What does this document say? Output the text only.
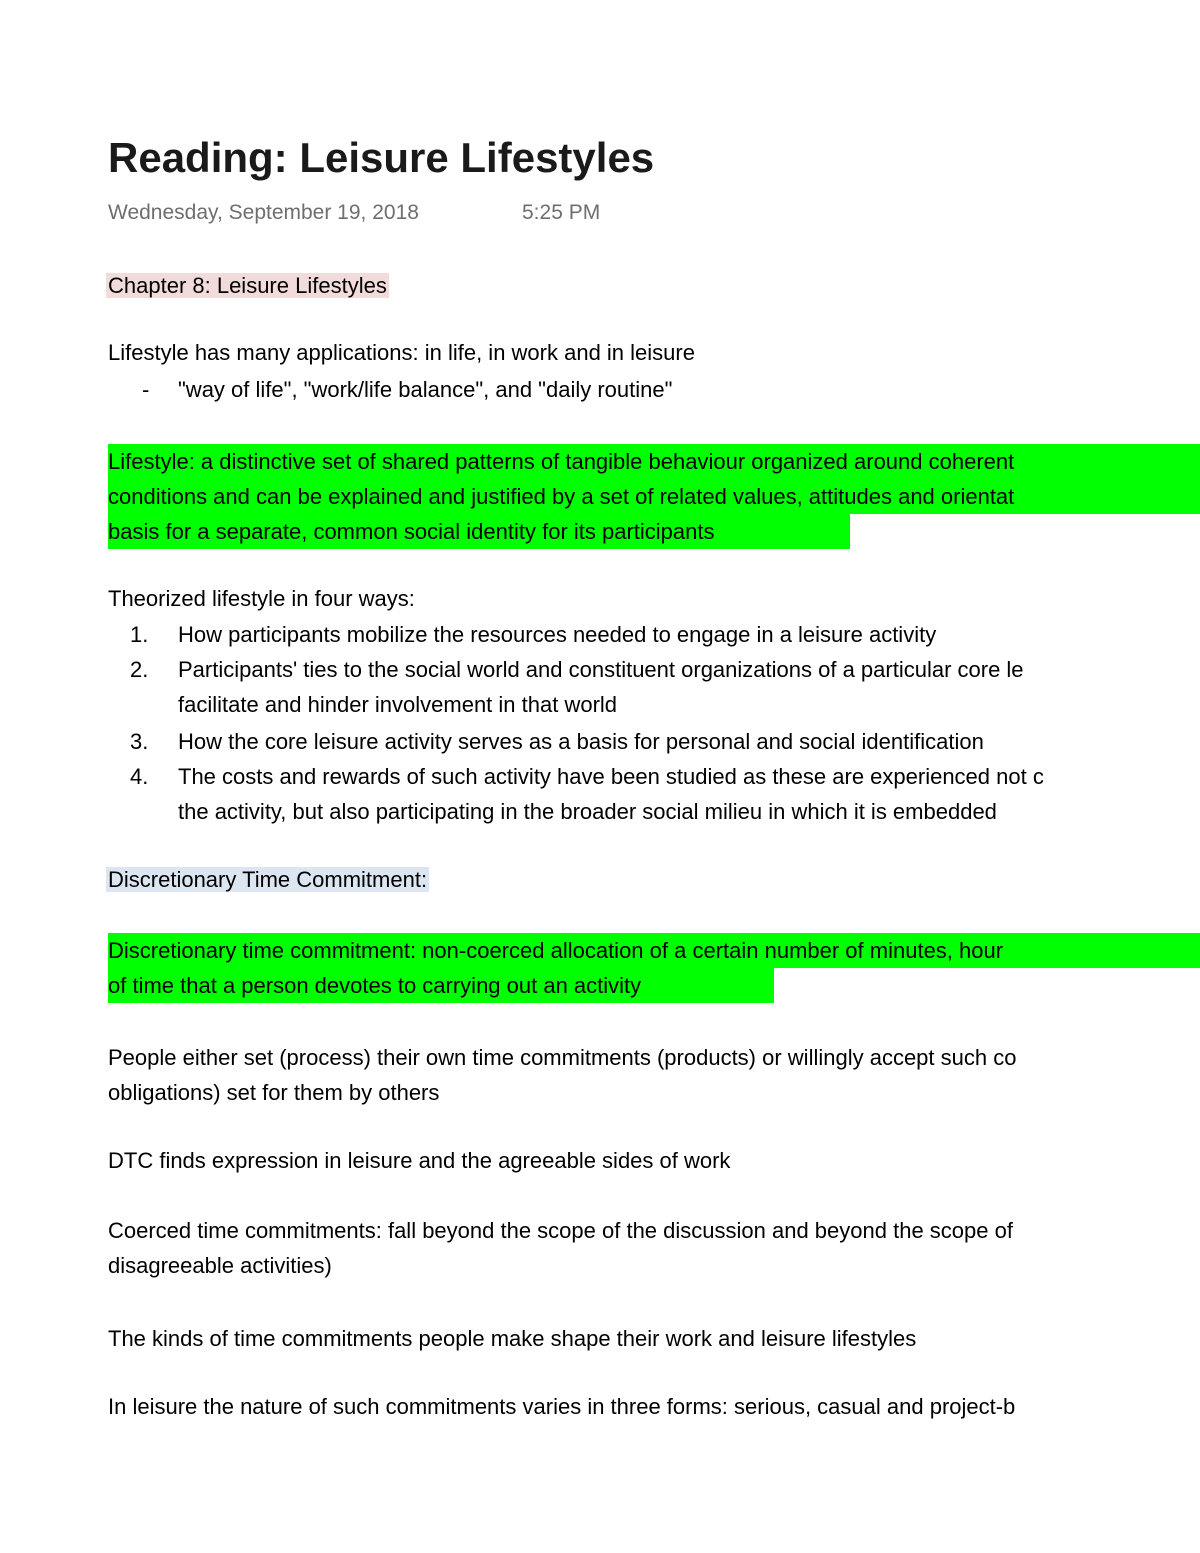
Reading: Leisure Lifestyles
Wednesday, September 19, 2018	5:25 PM
Chapter 8: Leisure Lifestyles
Lifestyle has many applications: in life, in work and in leisure
-	"way of life", "work/life balance", and "daily routine"
Lifestyle: a distinctive set of shared patterns of tangible behaviour organized around coherent
conditions and can be explained and justified by a set of related values, attitudes and orientat
basis for a separate, common social identity for its participants
Theorized lifestyle in four ways:
1.	How participants mobilize the resources needed to engage in a leisure activity
2.	Participants' ties to the social world and constituent organizations of a particular core le
facilitate and hinder involvement in that world
3.	How the core leisure activity serves as a basis for personal and social identification
4.	The costs and rewards of such activity have been studied as these are experienced not c
the activity, but also participating in the broader social milieu in which it is embedded
Discretionary Time Commitment:
Discretionary time commitment: non-coerced allocation of a certain number of minutes, hour
of time that a person devotes to carrying out an activity
People either set (process) their own time commitments (products) or willingly accept such co
obligations) set for them by others
DTC finds expression in leisure and the agreeable sides of work
Coerced time commitments: fall beyond the scope of the discussion and beyond the scope of
disagreeable activities)
The kinds of time commitments people make shape their work and leisure lifestyles
In leisure the nature of such commitments varies in three forms: serious, casual and project-b
